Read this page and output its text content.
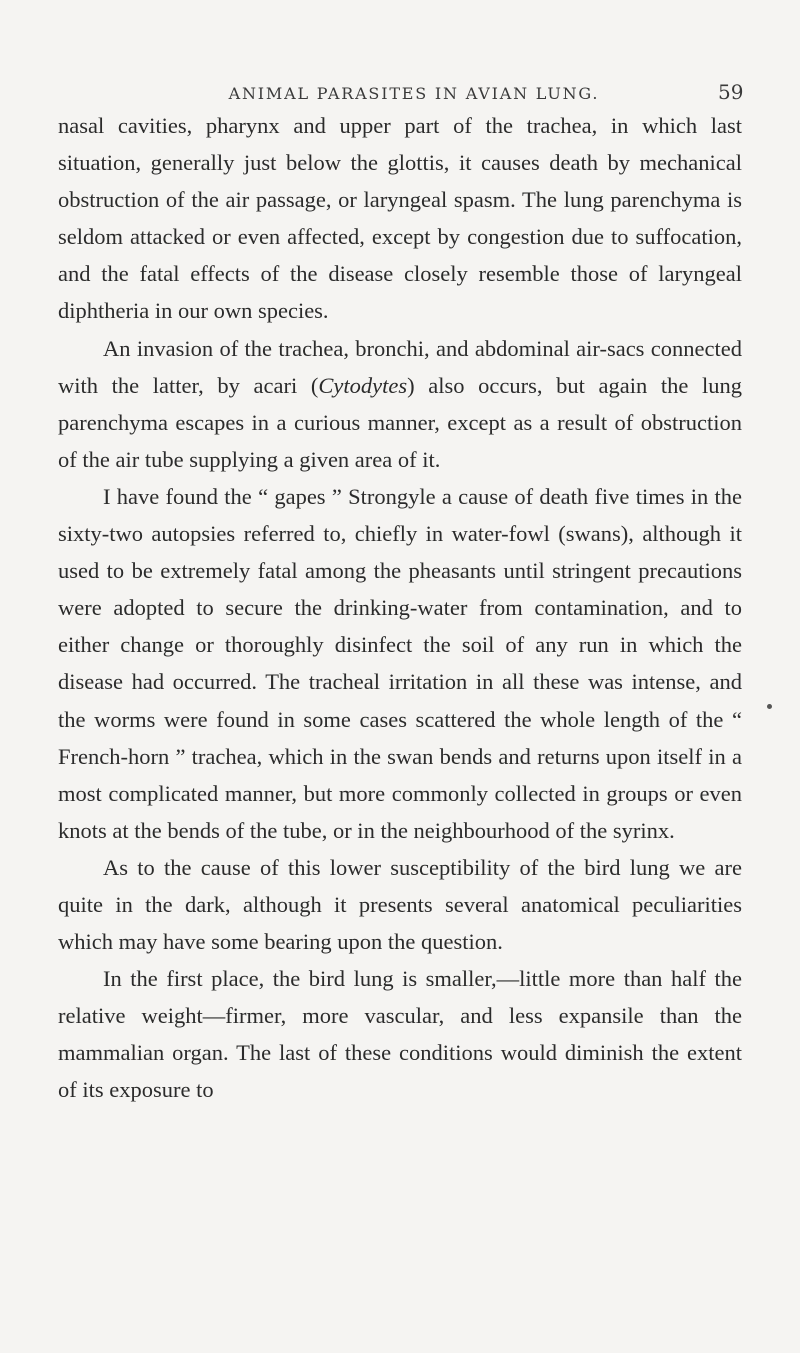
ANIMAL PARASITES IN AVIAN LUNG.	59

nasal cavities, pharynx and upper part of the trachea, in which last situation, generally just below the glottis, it causes death by mechanical obstruction of the air passage, or laryngeal spasm. The lung parenchyma is seldom attacked or even affected, except by congestion due to suffocation, and the fatal effects of the disease closely resemble those of laryngeal diphtheria in our own species.

An invasion of the trachea, bronchi, and abdominal air-sacs connected with the latter, by acari (Cytodytes) also occurs, but again the lung parenchyma escapes in a curious manner, except as a result of obstruction of the air tube supplying a given area of it.

I have found the “ gapes ” Strongyle a cause of death five times in the sixty-two autopsies referred to, chiefly in water-fowl (swans), although it used to be extremely fatal among the pheasants until stringent precautions were adopted to secure the drinking-water from contamination, and to either change or thoroughly disinfect the soil of any run in which the disease had occurred. The tracheal irritation in all these was intense, and the worms were found in some cases scattered the whole length of the “ French-horn ” trachea, which in the swan bends and returns upon itself in a most complicated manner, but more commonly collected in groups or even knots at the bends of the tube, or in the neighbourhood of the syrinx.

As to the cause of this lower susceptibility of the bird lung we are quite in the dark, although it presents several anatomical peculiarities which may have some bearing upon the question.

In the first place, the bird lung is smaller,—little more than half the relative weight—firmer, more vascular, and less expansile than the mammalian organ. The last of these conditions would diminish the extent of its exposure to
